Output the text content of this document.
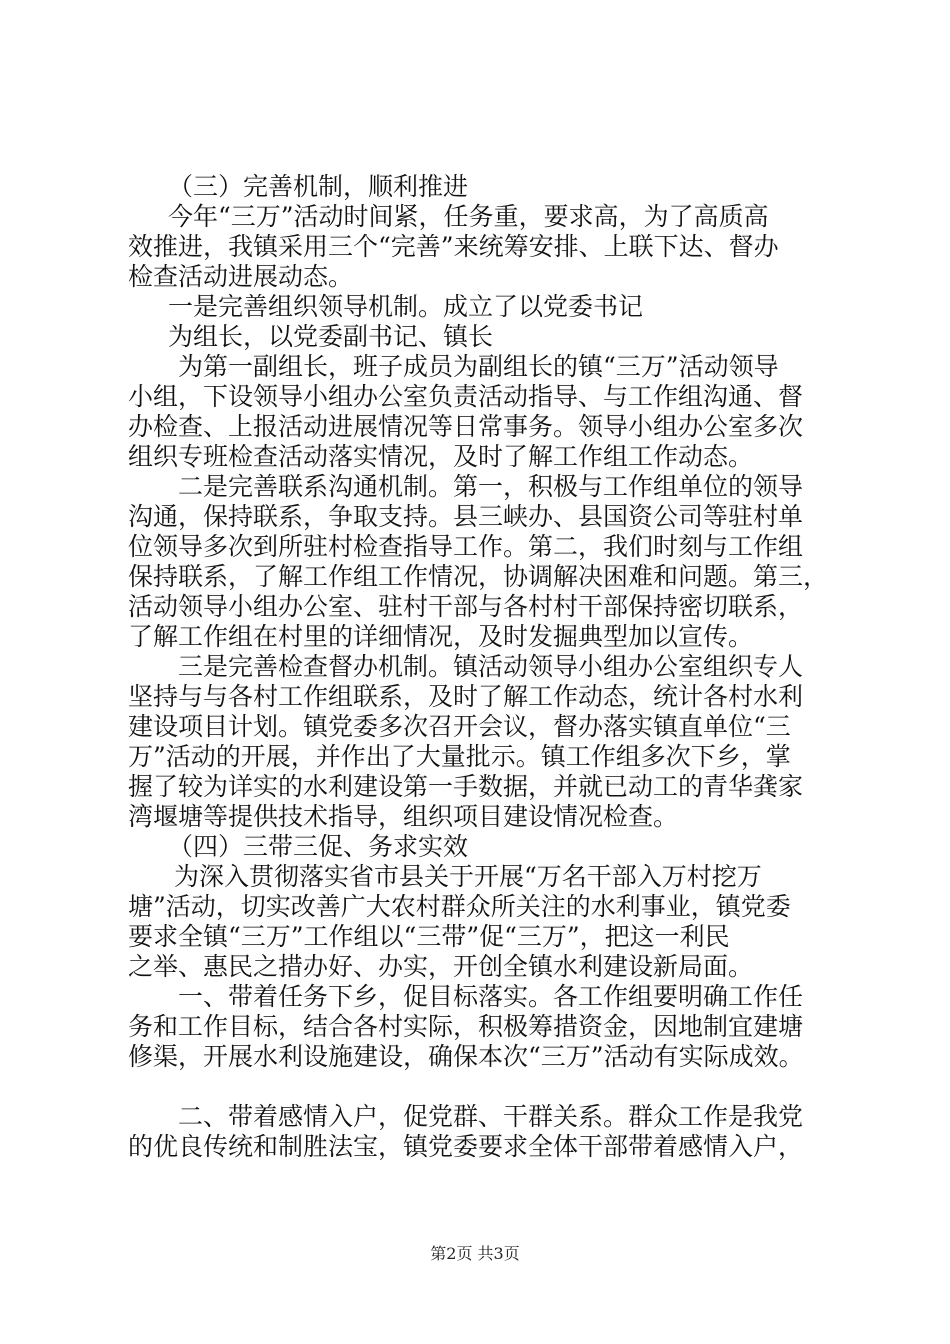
（三）完善机制，顺利推进

今年“三万”活动时间紧，任务重，要求高，为了高质高

效推进，我镇采用三个“完善”来统筹安排、上联下达、督办

检查活动进展动态。

一是完善组织领导机制。成立了以党委书记

为组长，以党委副书记、镇长

为第一副组长，班子成员为副组长的镇“三万”活动领导

小组，下设领导小组办公室负责活动指导、与工作组沟通、督

办检查、上报活动进展情况等日常事务。领导小组办公室多次

组织专班检查活动落实情况，及时了解工作组工作动态。

二是完善联系沟通机制。第一，积极与工作组单位的领导

沟通，保持联系，争取支持。县三峡办、县国资公司等驻村单

位领导多次到所驻村检查指导工作。第二，我们时刻与工作组

保持联系，了解工作组工作情况，协调解决困难和问题。第三，

活动领导小组办公室、驻村干部与各村村干部保持密切联系，

了解工作组在村里的详细情况，及时发掘典型加以宣传。

三是完善检查督办机制。镇活动领导小组办公室组织专人

坚持与与各村工作组联系，及时了解工作动态，统计各村水利

建设项目计划。镇党委多次召开会议，督办落实镇直单位“三

万”活动的开展，并作出了大量批示。镇工作组多次下乡，掌

握了较为详实的水利建设第一手数据，并就已动工的青华龚家

湾堰塘等提供技术指导，组织项目建设情况检查。

（四）三带三促、务求实效

为深入贯彻落实省市县关于开展“万名干部入万村挖万

塘”活动，切实改善广大农村群众所关注的水利事业，镇党委

要求全镇“三万”工作组以“三带”促“三万”，把这一利民

之举、惠民之措办好、办实，开创全镇水利建设新局面。

一、带着任务下乡，促目标落实。各工作组要明确工作任

务和工作目标，结合各村实际，积极筹措资金，因地制宜建塘

修渠，开展水利设施建设，确保本次“三万”活动有实际成效。

二、带着感情入户，促党群、干群关系。群众工作是我党

的优良传统和制胜法宝，镇党委要求全体干部带着感情入户，

第2页 共3页
